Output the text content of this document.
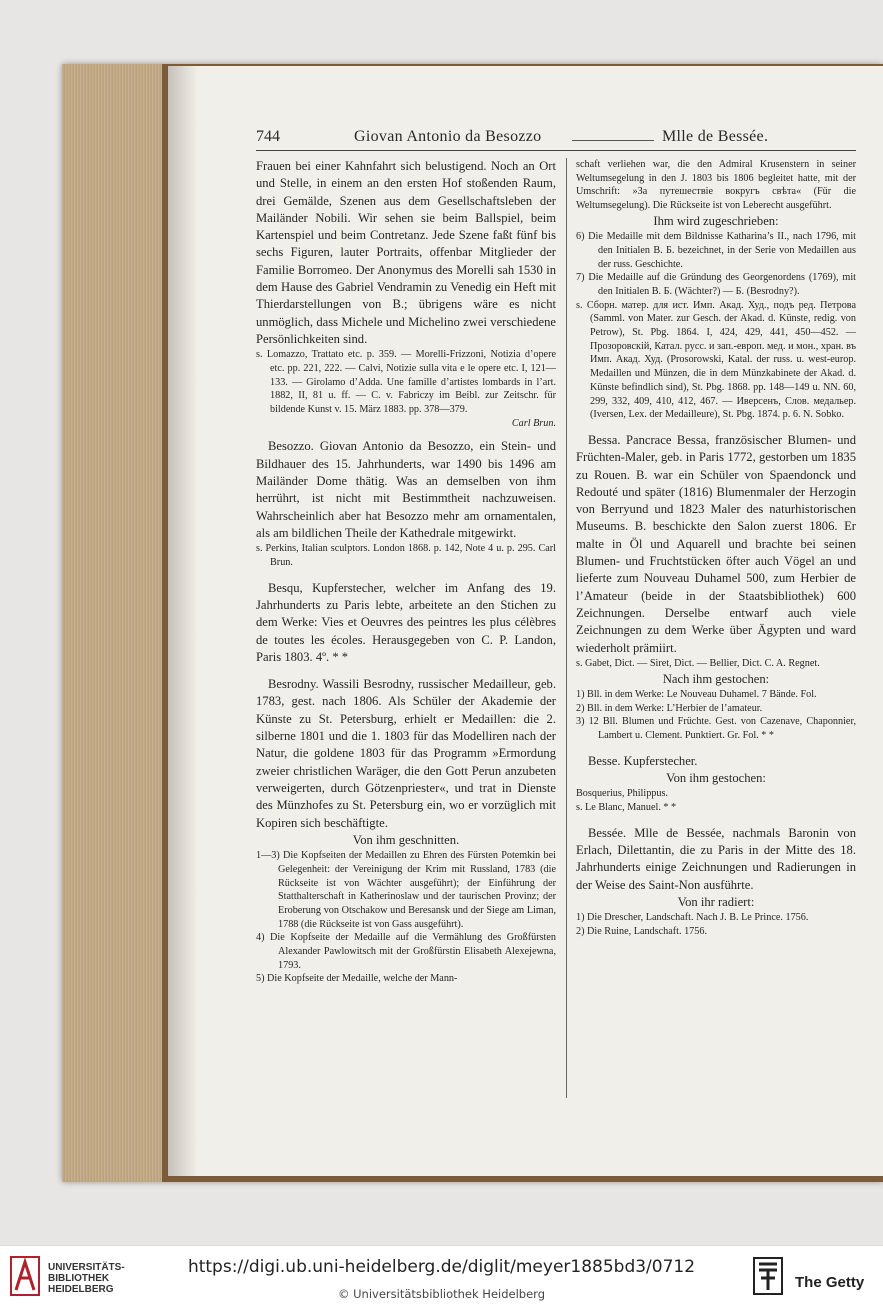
744	Giovan Antonio da Besozzo	Mlle de Bessée.

Frauen bei einer Kahnfahrt sich belustigend. Noch an Ort und Stelle, in einem an den ersten Hof stoßenden Raum, drei Gemälde, Szenen aus dem Gesellschaftsleben der Mailänder Nobili. Wir sehen sie beim Ballspiel, beim Kartenspiel und beim Contretanz. Jede Szene faßt fünf bis sechs Figuren, lauter Portraits, offenbar Mitglieder der Familie Borromeo. Der Anonymus des Morelli sah 1530 in dem Hause des Gabriel Vendramin zu Venedig ein Heft mit Thierdarstellungen von B.; übrigens wäre es nicht unmöglich, dass Michele und Michelino zwei verschiedene Persönlichkeiten sind.

s. Lomazzo, Trattato etc. p. 359. — Morelli-Frizzoni, Notizia d’opere etc. pp. 221, 222. — Calvi, Notizie sulla vita e le opere etc. I, 121—133. — Girolamo d’Adda. Une famille d’artistes lombards in l’art. 1882, II, 81 u. ff. — C. v. Fabriczy im Beibl. zur Zeitschr. für bildende Kunst v. 15. März 1883. pp. 378—379.

Carl Brun.

Besozzo. Giovan Antonio da Besozzo, ein Stein- und Bildhauer des 15. Jahrhunderts, war 1490 bis 1496 am Mailänder Dome thätig. Was an demselben von ihm herrührt, ist nicht mit Bestimmtheit nachzuweisen. Wahrscheinlich aber hat Besozzo mehr am ornamentalen, als am bildlichen Theile der Kathedrale mitgewirkt.

s. Perkins, Italian sculptors. London 1868. p. 142, Note 4 u. p. 295. Carl Brun.

Besqu, Kupferstecher, welcher im Anfang des 19. Jahrhunderts zu Paris lebte, arbeitete an den Stichen zu dem Werke: Vies et Oeuvres des peintres les plus célèbres de toutes les écoles. Herausgegeben von C. P. Landon, Paris 1803. 4º. * *

Besrodny. Wassili Besrodny, russischer Medailleur, geb. 1783, gest. nach 1806. Als Schüler der Akademie der Künste zu St. Petersburg, erhielt er Medaillen: die 2. silberne 1801 und die 1. 1803 für das Modelliren nach der Natur, die goldene 1803 für das Programm »Ermordung zweier christlichen Waräger, die den Gott Perun anzubeten verweigerten, durch Götzenpriester«, und trat in Dienste des Münzhofes zu St. Petersburg ein, wo er vorzüglich mit Kopiren sich beschäftigte.

Von ihm geschnitten.

1—3) Die Kopfseiten der Medaillen zu Ehren des Fürsten Potemkin bei Gelegenheit: der Vereinigung der Krim mit Russland, 1783 (die Rückseite ist von Wächter ausgeführt); der Einführung der Statthalterschaft in Katherinoslaw und der taurischen Provinz; der Eroberung von Otschakow und Beresansk und der Siege am Liman, 1788 (die Rückseite ist von Gass ausgeführt).

4) Die Kopfseite der Medaille auf die Vermählung des Großfürsten Alexander Pawlowitsch mit der Großfürstin Elisabeth Alexejewna, 1793.

5) Die Kopfseite der Medaille, welche der Mann-

schaft verliehen war, die den Admiral Krusenstern in seiner Weltumsegelung in den J. 1803 bis 1806 begleitet hatte, mit der Umschrift: »За путешествіе вокругъ свѣта« (Für die Weltumsegelung). Die Rückseite ist von Leberecht ausgeführt.

Ihm wird zugeschrieben:

6) Die Medaille mit dem Bildnisse Katharina’s II., nach 1796, mit den Initialen В. Б. bezeichnet, in der Serie von Medaillen aus der russ. Geschichte.

7) Die Medaille auf die Gründung des Georgenordens (1769), mit den Initialen В. Б. (Wächter?) — Б. (Besrodny?).

s. Сборн. матер. для ист. Имп. Акад. Худ., подъ ред. Петрова (Samml. von Mater. zur Gesch. der Akad. d. Künste, redig. von Petrow), St. Pbg. 1864. I, 424, 429, 441, 450—452. — Прозоровскій, Катал. русс. и зап.-европ. мед. и мон., хран. въ Имп. Акад. Худ. (Prosorowski, Katal. der russ. u. west-europ. Medaillen und Münzen, die in dem Münzkabinete der Akad. d. Künste befindlich sind), St. Pbg. 1868. pp. 148—149 u. NN. 60, 299, 332, 409, 410, 412, 467. — Иверсенъ, Слов. медальер. (Iversen, Lex. der Medailleure), St. Pbg. 1874. p. 6. N. Sobko.

Bessa. Pancrace Bessa, französischer Blumen- und Früchten-Maler, geb. in Paris 1772, gestorben um 1835 zu Rouen. B. war ein Schüler von Spaendonck und Redouté und später (1816) Blumenmaler der Herzogin von Berryund und 1823 Maler des naturhistorischen Museums. B. beschickte den Salon zuerst 1806. Er malte in Öl und Aquarell und brachte bei seinen Blumen- und Fruchtstücken öfter auch Vögel an und lieferte zum Nouveau Duhamel 500, zum Herbier de l’Amateur (beide in der Staatsbibliothek) 600 Zeichnungen. Derselbe entwarf auch viele Zeichnungen zu dem Werke über Ägypten und ward wiederholt prämiirt.

s. Gabet, Dict. — Siret, Dict. — Bellier, Dict. C. A. Regnet.

Nach ihm gestochen:

1) Bll. in dem Werke: Le Nouveau Duhamel. 7 Bände. Fol.

2) Bll. in dem Werke: L’Herbier de l’amateur.

3) 12 Bll. Blumen und Früchte. Gest. von Cazenave, Chaponnier, Lambert u. Clement. Punktiert. Gr. Fol. * *

Besse. Kupferstecher.

Von ihm gestochen:

Bosquerius, Philippus.

s. Le Blanc, Manuel. * *

Bessée. Mlle de Bessée, nachmals Baronin von Erlach, Dilettantin, die zu Paris in der Mitte des 18. Jahrhunderts einige Zeichnungen und Radierungen in der Weise des Saint-Non ausführte.

Von ihr radiert:

1) Die Drescher, Landschaft. Nach J. B. Le Prince. 1756.

2) Die Ruine, Landschaft. 1756.

UNIVERSITÄTS-
BIBLIOTHEK
HEIDELBERG
https://digi.ub.uni-heidelberg.de/diglit/meyer1885bd3/0712
© Universitätsbibliothek Heidelberg
The Getty
